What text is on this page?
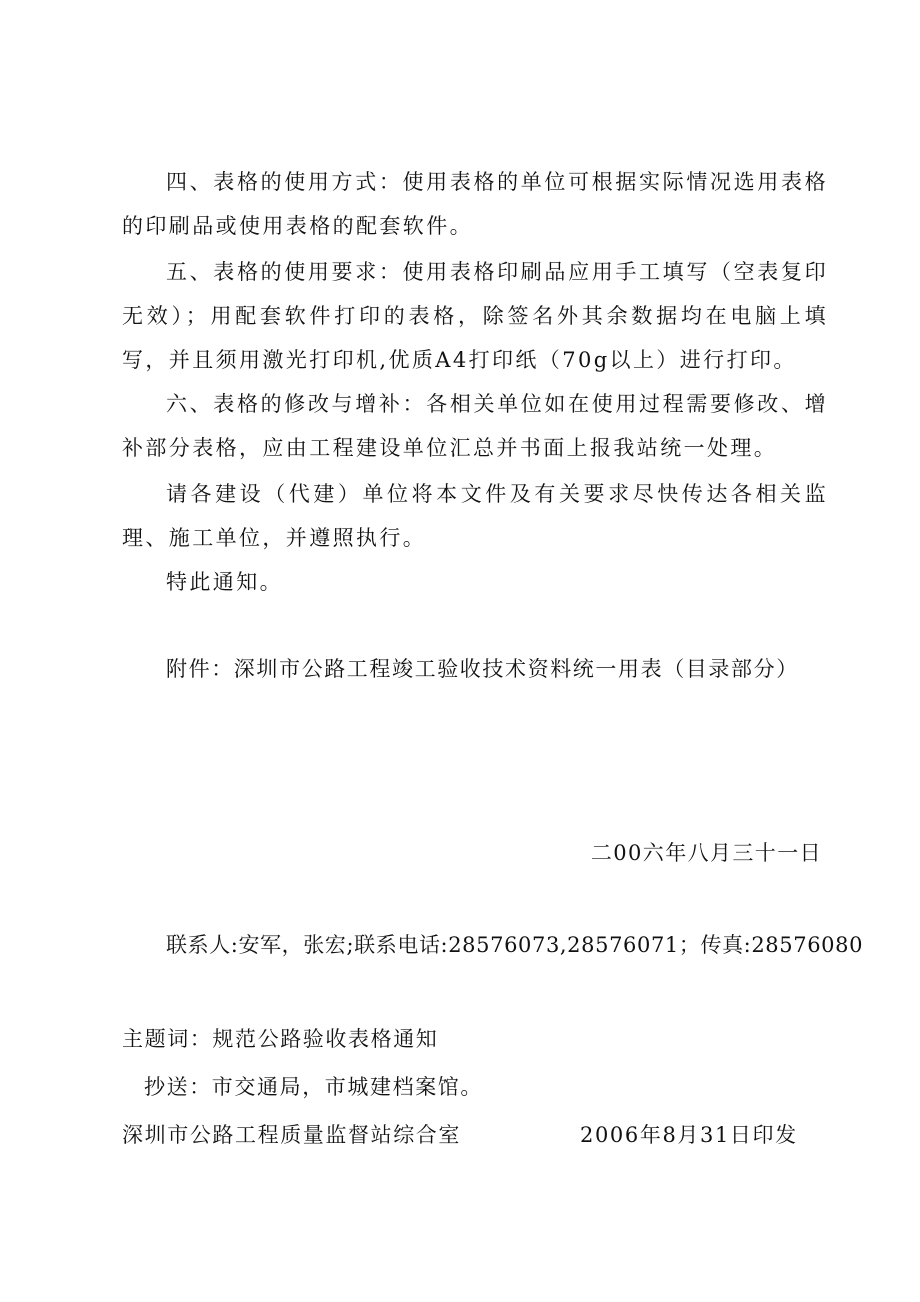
四、表格的使用方式：使用表格的单位可根据实际情况选用表格的印刷品或使用表格的配套软件。

五、表格的使用要求：使用表格印刷品应用手工填写（空表复印无效）；用配套软件打印的表格，除签名外其余数据均在电脑上填写，并且须用激光打印机,优质A4打印纸（70g以上）进行打印。

六、表格的修改与增补：各相关单位如在使用过程需要修改、增补部分表格，应由工程建设单位汇总并书面上报我站统一处理。

请各建设（代建）单位将本文件及有关要求尽快传达各相关监理、施工单位，并遵照执行。

特此通知。

附件：深圳市公路工程竣工验收技术资料统一用表（目录部分）

二00六年八月三十一日

联系人:安军，张宏;联系电话:28576073,28576071；传真:28576080

主题词：规范公路验收表格通知

抄送：市交通局，市城建档案馆。

深圳市公路工程质量监督站综合室	2006年8月31日印发
